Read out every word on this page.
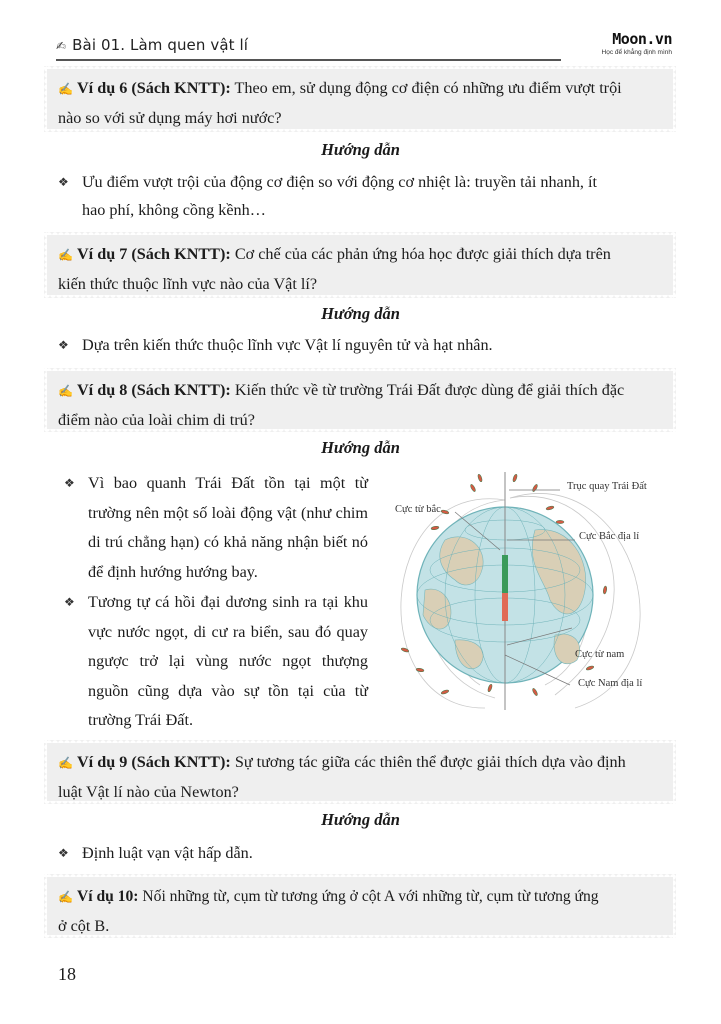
✍ Bài 01. Làm quen vật lí	Moon.vn
Học để khẳng định mình

✍ Ví dụ 6 (Sách KNTT): Theo em, sử dụng động cơ điện có những ưu điểm vượt trội

nào so với sử dụng máy hơi nước?

Hướng dẫn
❖ Ưu điểm vượt trội của động cơ điện so với động cơ nhiệt là: truyền tải nhanh, ít
hao phí, không cồng kềnh…

✍ Ví dụ 7 (Sách KNTT): Cơ chế của các phản ứng hóa học được giải thích dựa trên

kiến thức thuộc lĩnh vực nào của Vật lí?

Hướng dẫn
❖ Dựa trên kiến thức thuộc lĩnh vực Vật lí nguyên tử và hạt nhân.

✍ Ví dụ 8 (Sách KNTT): Kiến thức về từ trường Trái Đất được dùng để giải thích đặc

điểm nào của loài chim di trú?

Hướng dẫn
❖ Vì bao quanh Trái Đất tồn tại một từ trường nên một số loài động vật (như chim di trú chẳng hạn) có khả năng nhận biết nó để định hướng hướng bay.
❖ Tương tự cá hồi đại dương sinh ra tại khu vực nước ngọt, di cư ra biển, sau đó quay ngược trở lại vùng nước ngọt thượng nguồn cũng dựa vào sự tồn tại của từ trường Trái Đất.
Trục quay Trái Đất
Cực từ bắc
Cực Bắc địa lí
Cực từ nam
Cực Nam địa lí

✍ Ví dụ 9 (Sách KNTT): Sự tương tác giữa các thiên thể được giải thích dựa vào định

luật Vật lí nào của Newton?

Hướng dẫn
❖ Định luật vạn vật hấp dẫn.

✍ Ví dụ 10: Nối những từ, cụm từ tương ứng ở cột A với những từ, cụm từ tương ứng

ở cột B.

18
